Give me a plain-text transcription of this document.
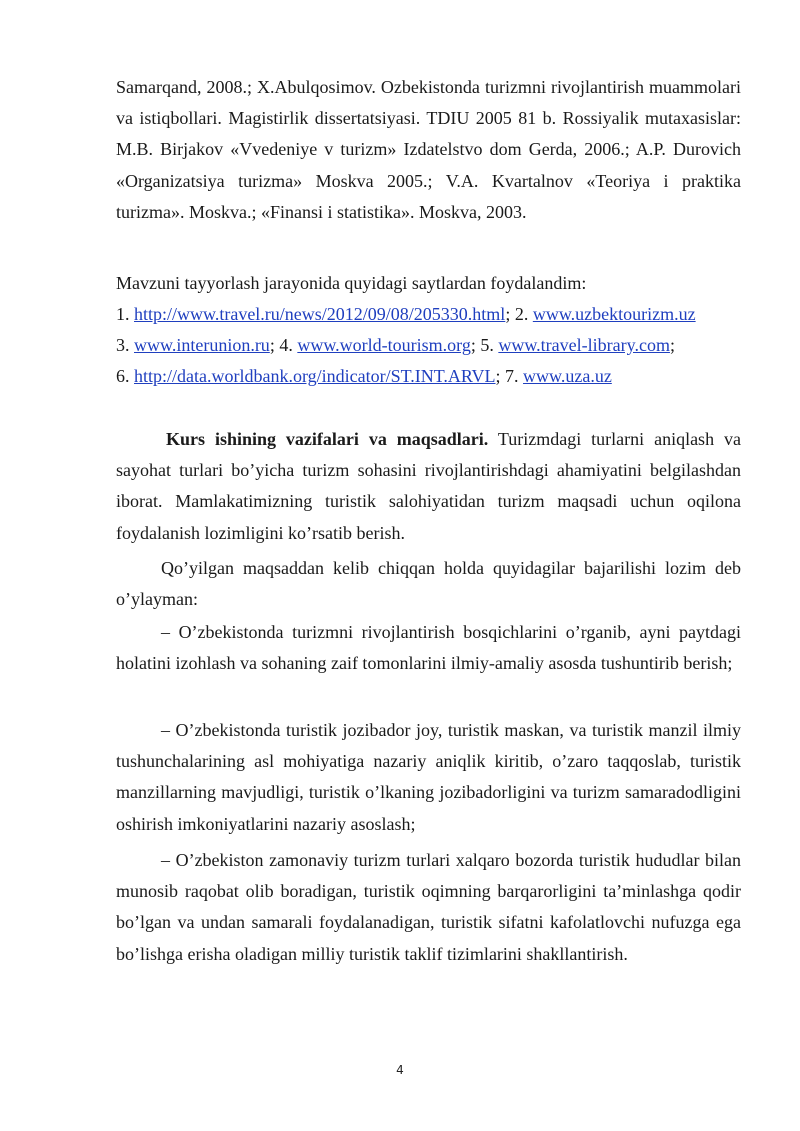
Samarqand, 2008.; X.Abulqosimov. Ozbekistonda turizmni rivojlantirish muammolari va istiqbollari. Magistirlik dissertatsiyasi. TDIU 2005 81 b. Rossiyalik mutaxasislar: M.B. Birjakov «Vvedeniye v turizm» Izdatelstvo dom Gerda, 2006.; A.P. Durovich «Organizatsiya turizma» Moskva 2005.; V.A. Kvartalnov «Teoriya i praktika turizma». Moskva.; «Finansi i statistika». Moskva, 2003.

Mavzuni tayyorlash jarayonida quyidagi saytlardan foydalandim:

1. http://www.travel.ru/news/2012/09/08/205330.html; 2. www.uzbektourizm.uz

3. www.interunion.ru; 4. www.world-tourism.org; 5. www.travel-library.com;

6. http://data.worldbank.org/indicator/ST.INT.ARVL; 7. www.uza.uz

Kurs ishining vazifalari va maqsadlari. Turizmdagi turlarni aniqlash va sayohat turlari bo’yicha turizm sohasini rivojlantirishdagi ahamiyatini belgilashdan iborat. Mamlakatimizning turistik salohiyatidan turizm maqsadi uchun oqilona foydalanish lozimligini ko’rsatib berish.

Qo’yilgan maqsaddan kelib chiqqan holda quyidagilar bajarilishi lozim deb o’ylayman:

– O’zbekistonda turizmni rivojlantirish bosqichlarini o’rganib, ayni paytdagi holatini izohlash va sohaning zaif tomonlarini ilmiy-amaliy asosda tushuntirib berish;

– O’zbekistonda turistik jozibador joy, turistik maskan, va turistik manzil ilmiy tushunchalarining asl mohiyatiga nazariy aniqlik kiritib, o’zaro taqqoslab, turistik manzillarning mavjudligi, turistik o’lkaning jozibadorligini va turizm samaradodligini oshirish imkoniyatlarini nazariy asoslash;

– O’zbekiston zamonaviy turizm turlari xalqaro bozorda turistik hududlar bilan munosib raqobat olib boradigan, turistik oqimning barqarorligini ta’minlashga qodir bo’lgan va undan samarali foydalanadigan, turistik sifatni kafolatlovchi nufuzga ega bo’lishga erisha oladigan milliy turistik taklif tizimlarini shakllantirish.

4
